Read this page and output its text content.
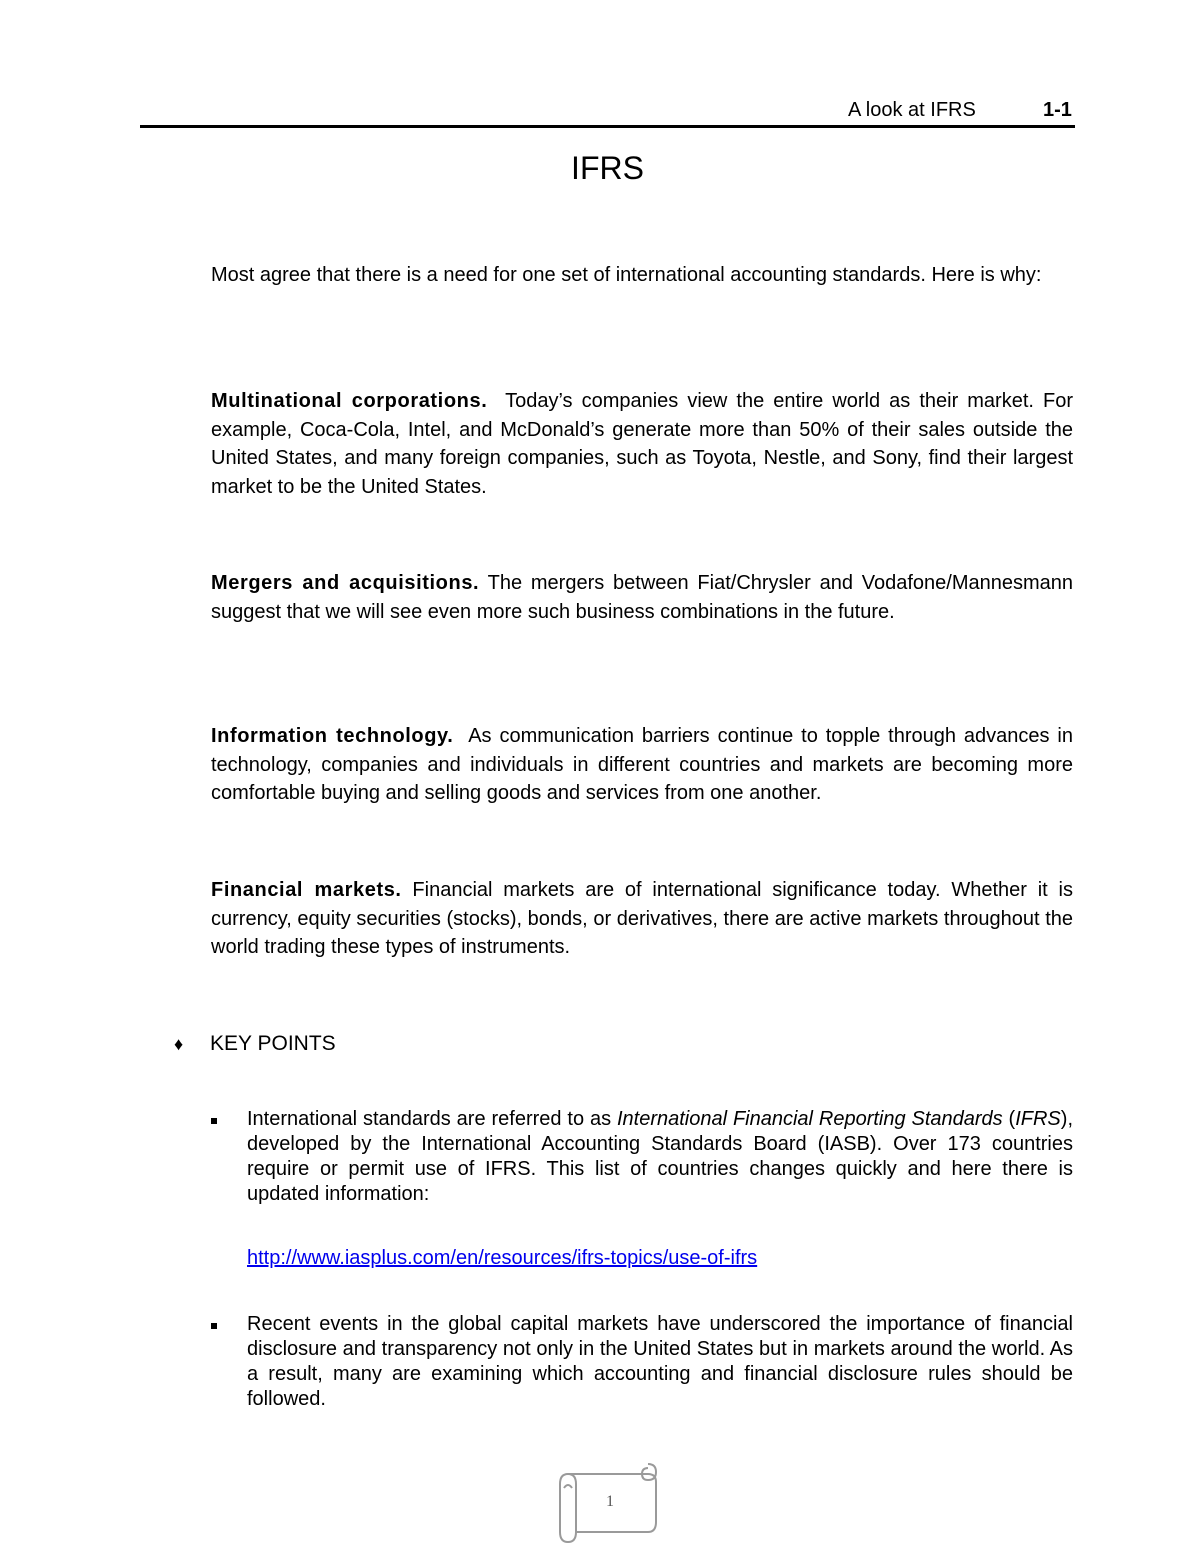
A look at IFRS	1-1
IFRS

Most agree that there is a need for one set of international accounting standards. Here is why:

Multinational corporations. Today’s companies view the entire world as their market. For example, Coca-Cola, Intel, and McDonald’s generate more than 50% of their sales outside the United States, and many foreign companies, such as Toyota, Nestle, and Sony, find their largest market to be the United States.

Mergers and acquisitions. The mergers between Fiat/Chrysler and Vodafone/Mannesmann suggest that we will see even more such business combinations in the future.

Information technology. As communication barriers continue to topple through advances in technology, companies and individuals in different countries and markets are becoming more comfortable buying and selling goods and services from one another.

Financial markets. Financial markets are of international significance today. Whether it is currency, equity securities (stocks), bonds, or derivatives, there are active markets throughout the world trading these types of instruments.

♦ KEY POINTS
International standards are referred to as International Financial Reporting Standards (IFRS), developed by the International Accounting Standards Board (IASB). Over 173 countries require or permit use of IFRS. This list of countries changes quickly and here there is updated information:
http://www.iasplus.com/en/resources/ifrs-topics/use-of-ifrs
Recent events in the global capital markets have underscored the importance of financial disclosure and transparency not only in the United States but in markets around the world. As a result, many are examining which accounting and financial disclosure rules should be followed.
1
